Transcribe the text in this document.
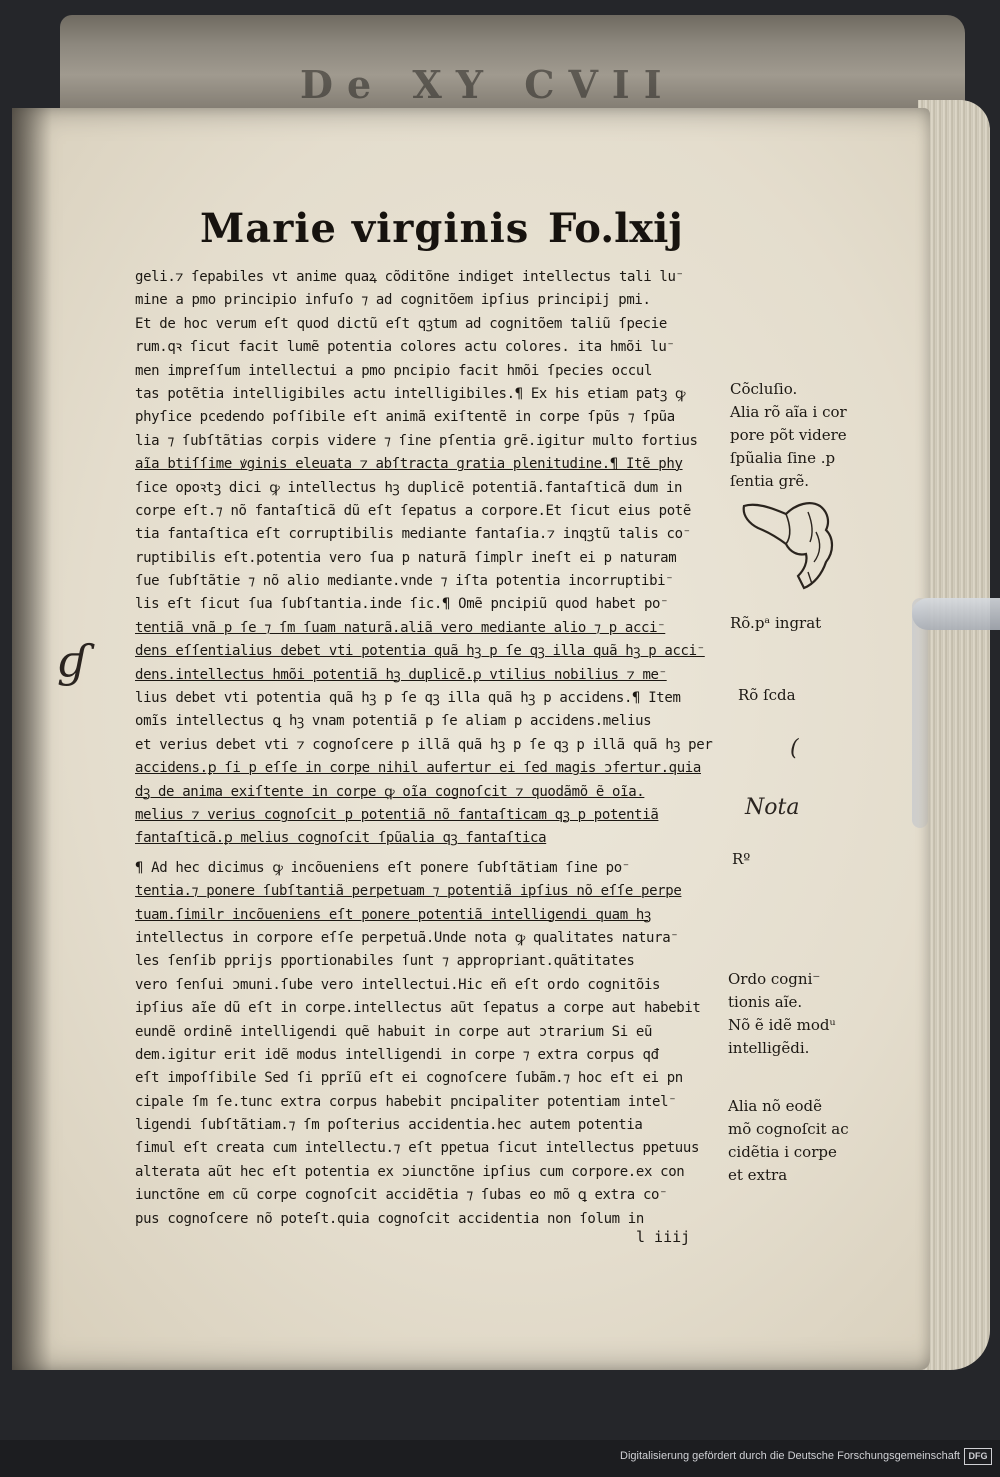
De ΧΥ CVII
Marie virginis Fo.lxij
geli.⁊ ſepabiles vt anime quaꝝ cõditõne indiget intellectus tali lu⁻
mine a pmo principio infuſo ⁊ ad cognitõem ipſius principij pmi.
Et de hoc verum eſt quod dictũ eſt qꝫtum ad cognitõem taliũ ſpecie
rum.qꝛ ſicut facit lumẽ potentia colores actu colores. ita hmõi lu⁻
men impreſſum intellectui a pmo pncipio facit hmõi ſpecies occul
tas potẽtia intelligibiles actu intelligibiles.¶ Ex his etiam patꝫ ꝙ
phyſice pcedendo poſſibile eſt animã exiſtentẽ in corpe ſpũs ⁊ ſpũa
lia ⁊ ſubſtãtias corpis videre ⁊ ſine pſentia grẽ.igitur multo fortius
aĩa btiſſime ꝟginis eleuata ⁊ abſtracta gratia plenitudine.¶ Itẽ phy
ſice opoꝛtꝫ dici ꝙ intellectus hꝫ duplicẽ potentiã.fantaſticã dum in
corpe eſt.⁊ nõ fantaſticã dũ eſt ſepatus a corpore.Et ſicut eius potẽ
tia fantaſtica eſt corruptibilis mediante fantaſia.⁊ inqꝫtũ talis co⁻
ruptibilis eſt.potentia vero ſua p naturã ſimplr ineſt ei p naturam
ſue ſubſtãtie ⁊ nõ alio mediante.vnde ⁊ iſta potentia incorruptibi⁻
lis eſt ſicut ſua ſubſtantia.inde ſic.¶ Omẽ pncipiũ quod habet po⁻
tentiã vnã p ſe ⁊ ſm ſuam naturã.aliã vero mediante alio ⁊ p acci⁻
dens eſſentialius debet vti potentia quã hꝫ p ſe qꝫ illa quã hꝫ p acci⁻
dens.intellectus hmõi potentiã hꝫ duplicẽ.ꝑ vtilius nobilius ⁊ me⁻
lius debet vti potentia quã hꝫ p ſe qꝫ illa quã hꝫ p accidens.¶ Item
omĩs intellectus ꝗ hꝫ vnam potentiã p ſe aliam p accidens.melius
et verius debet vti ⁊ cognoſcere p illã quã hꝫ p ſe qꝫ p illã quã hꝫ per
accidens.ꝑ ſi p eſſe in corpe nihil aufertur ei ſed magis ɔfertur.quia
dꝫ de anima exiſtente in corpe ꝙ oĩa cognoſcit ⁊ quodãmõ ẽ oĩa.
melius ⁊ verius cognoſcit p potentiã nõ fantaſticam qꝫ p potentiã
fantaſticã.ꝑ melius cognoſcit ſpũalia qꝫ fantaſtica
¶ Ad hec dicimus ꝙ incõueniens eſt ponere ſubſtãtiam ſine po⁻
tentia.⁊ ponere ſubſtantiã perpetuam ⁊ potentiã ipſius nõ eſſe perpe
tuam.ſimilr incõueniens eſt ponere potentiã intelligendi quam hꝫ
intellectus in corpore eſſe perpetuã.Unde nota ꝙ qualitates natura⁻
les ſenſib pprijs pportionabiles ſunt ⁊ appropriant.quãtitates
vero ſenſui ɔmuni.ſube vero intellectui.Hic eñ eſt ordo cognitõis
ipſius aĩe dũ eſt in corpe.intellectus aũt ſepatus a corpe aut habebit
eundẽ ordinẽ intelligendi quẽ habuit in corpe aut ɔtrarium Si eũ
dem.igitur erit idẽ modus intelligendi in corpe ⁊ extra corpus qđ
eſt impoſſibile Sed ſi pprĩũ eſt ei cognoſcere ſubãm.⁊ hoc eſt ei pn
cipale ſm ſe.tunc extra corpus habebit pncipaliter potentiam intel⁻
ligendi ſubſtãtiam.⁊ ſm poſterius accidentia.hec autem potentia
ſimul eſt creata cum intellectu.⁊ eſt ppetua ſicut intellectus ppetuus
alterata aũt hec eſt potentia ex ɔiunctõne ipſius cum corpore.ex con
iunctõne em cũ corpe cognoſcit accidẽtia ⁊ ſubas eo mõ ꝗ extra co⁻
pus cognoſcere nõ poteſt.quia cognoſcit accidentia non ſolum in
l iiij
Cõcluſio.
Alia rõ aĩa i cor
pore põt videre
ſpũalia ſine .p
ſentia grẽ.
Rõ.pᵃ ingrat
Rõ ſcda
Rº
Ordo cogni⁻
tionis aĩe.
Nõ ẽ idẽ modᵘ
intelligẽdi.
Alia nõ eodẽ
mõ cognoſcit ac
cidẽtia i corpe
et extra
ɠ
Nota
(
Digitalisierung gefördert durch die Deutsche Forschungsgemeinschaft DFG
